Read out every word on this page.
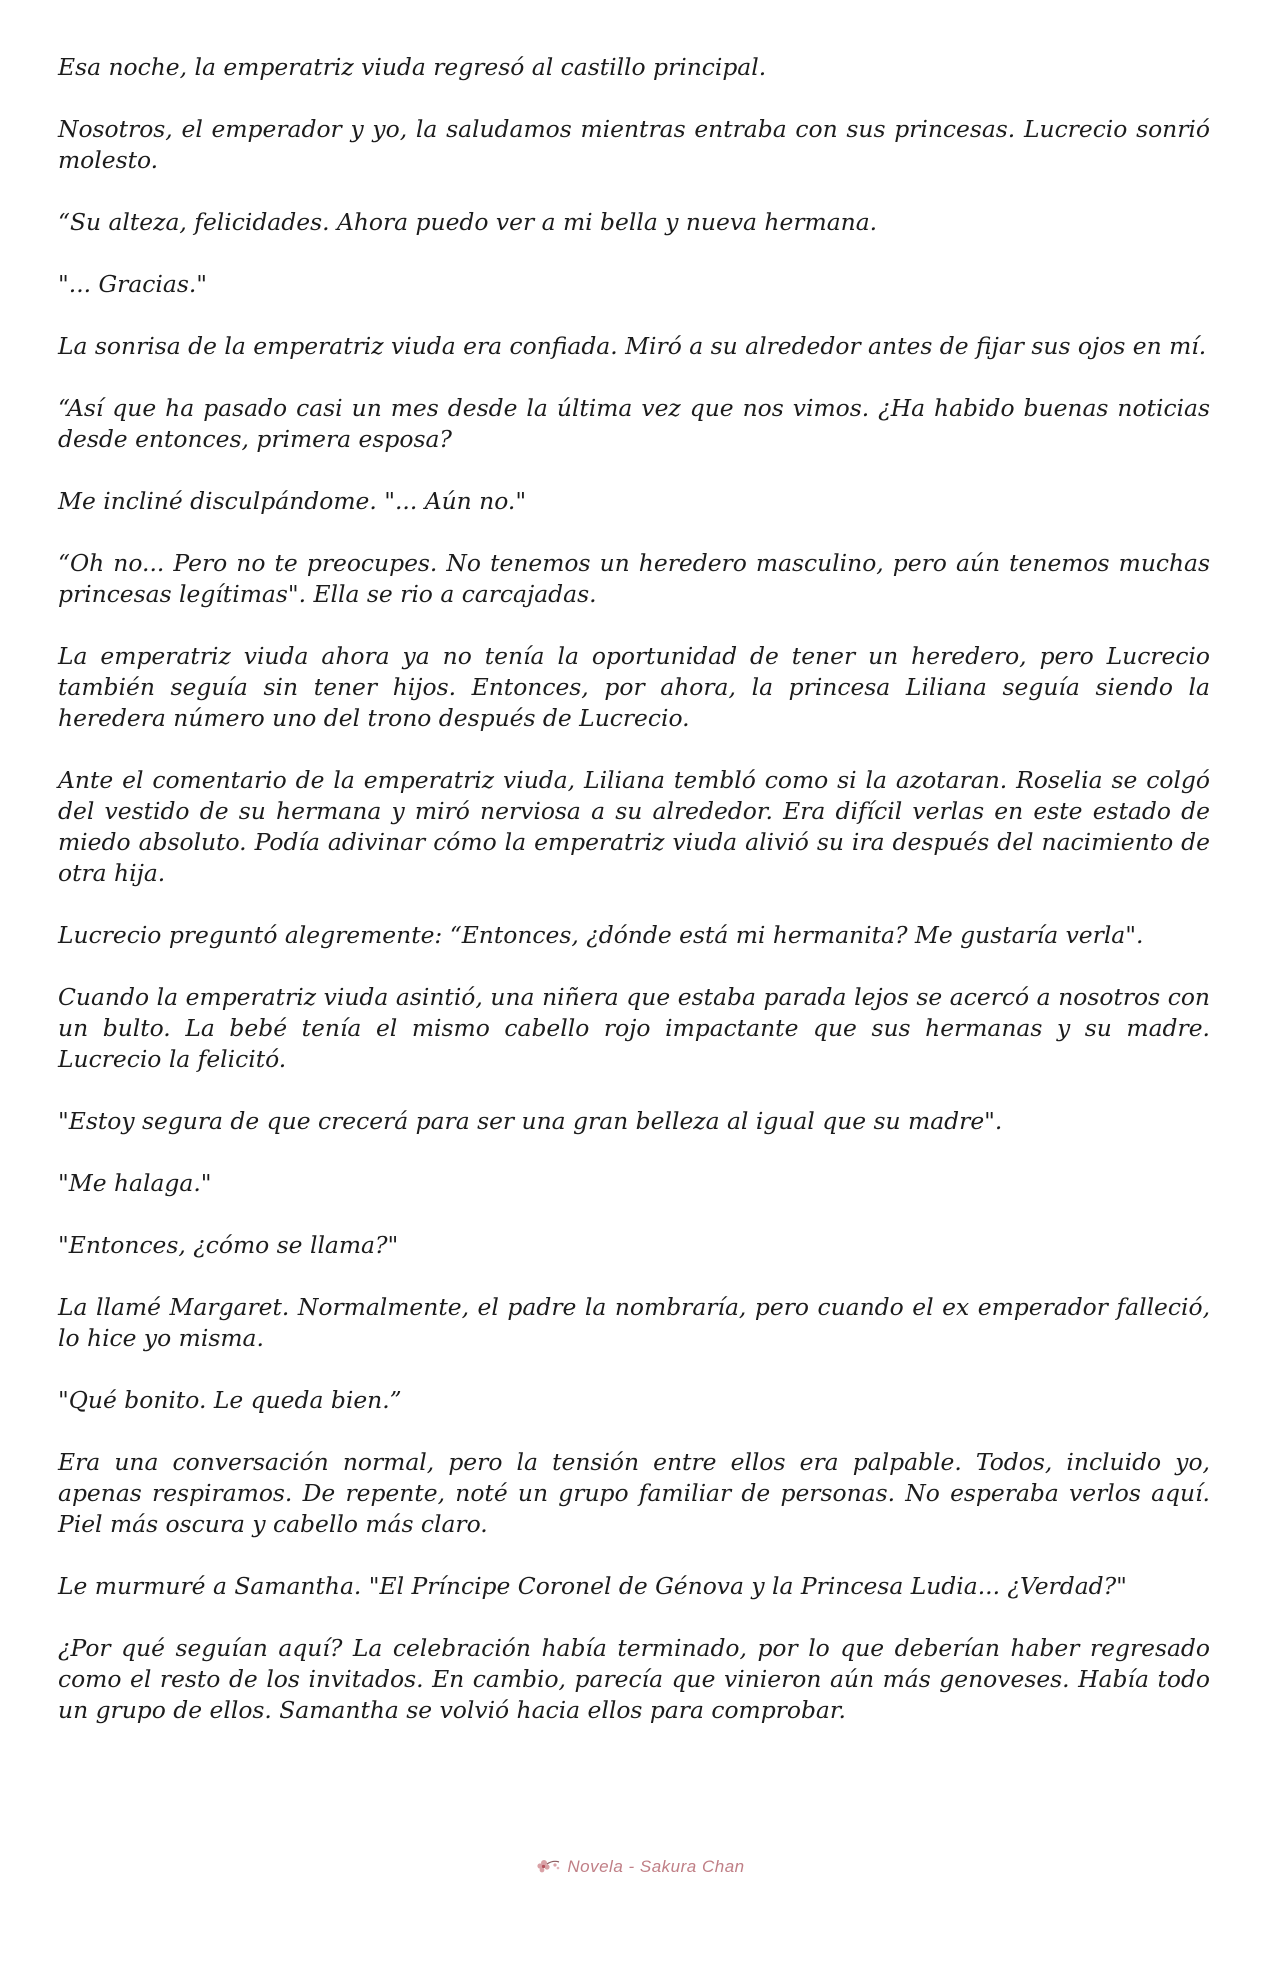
Esa noche, la emperatriz viuda regresó al castillo principal.

Nosotros, el emperador y yo, la saludamos mientras entraba con sus princesas. Lucrecio sonrió molesto.

“Su alteza, felicidades. Ahora puedo ver a mi bella y nueva hermana.

"... Gracias."

La sonrisa de la emperatriz viuda era confiada. Miró a su alrededor antes de fijar sus ojos en mí.

“Así que ha pasado casi un mes desde la última vez que nos vimos. ¿Ha habido buenas noticias desde entonces, primera esposa?

Me incliné disculpándome. "... Aún no."

“Oh no... Pero no te preocupes. No tenemos un heredero masculino, pero aún tenemos muchas princesas legítimas". Ella se rio a carcajadas.

La emperatriz viuda ahora ya no tenía la oportunidad de tener un heredero, pero Lucrecio también seguía sin tener hijos. Entonces, por ahora, la princesa Liliana seguía siendo la heredera número uno del trono después de Lucrecio.

Ante el comentario de la emperatriz viuda, Liliana tembló como si la azotaran. Roselia se colgó del vestido de su hermana y miró nerviosa a su alrededor. Era difícil verlas en este estado de miedo absoluto. Podía adivinar cómo la emperatriz viuda alivió su ira después del nacimiento de otra hija.

Lucrecio preguntó alegremente: “Entonces, ¿dónde está mi hermanita? Me gustaría verla".

Cuando la emperatriz viuda asintió, una niñera que estaba parada lejos se acercó a nosotros con un bulto. La bebé tenía el mismo cabello rojo impactante que sus hermanas y su madre. Lucrecio la felicitó.

"Estoy segura de que crecerá para ser una gran belleza al igual que su madre".

"Me halaga."

"Entonces, ¿cómo se llama?"

La llamé Margaret. Normalmente, el padre la nombraría, pero cuando el ex emperador falleció, lo hice yo misma.

"Qué bonito. Le queda bien.”

Era una conversación normal, pero la tensión entre ellos era palpable. Todos, incluido yo, apenas respiramos. De repente, noté un grupo familiar de personas. No esperaba verlos aquí. Piel más oscura y cabello más claro.

Le murmuré a Samantha. "El Príncipe Coronel de Génova y la Princesa Ludia... ¿Verdad?"

¿Por qué seguían aquí? La celebración había terminado, por lo que deberían haber regresado como el resto de los invitados. En cambio, parecía que vinieron aún más genoveses. Había todo un grupo de ellos. Samantha se volvió hacia ellos para comprobar.

Novela - Sakura Chan
